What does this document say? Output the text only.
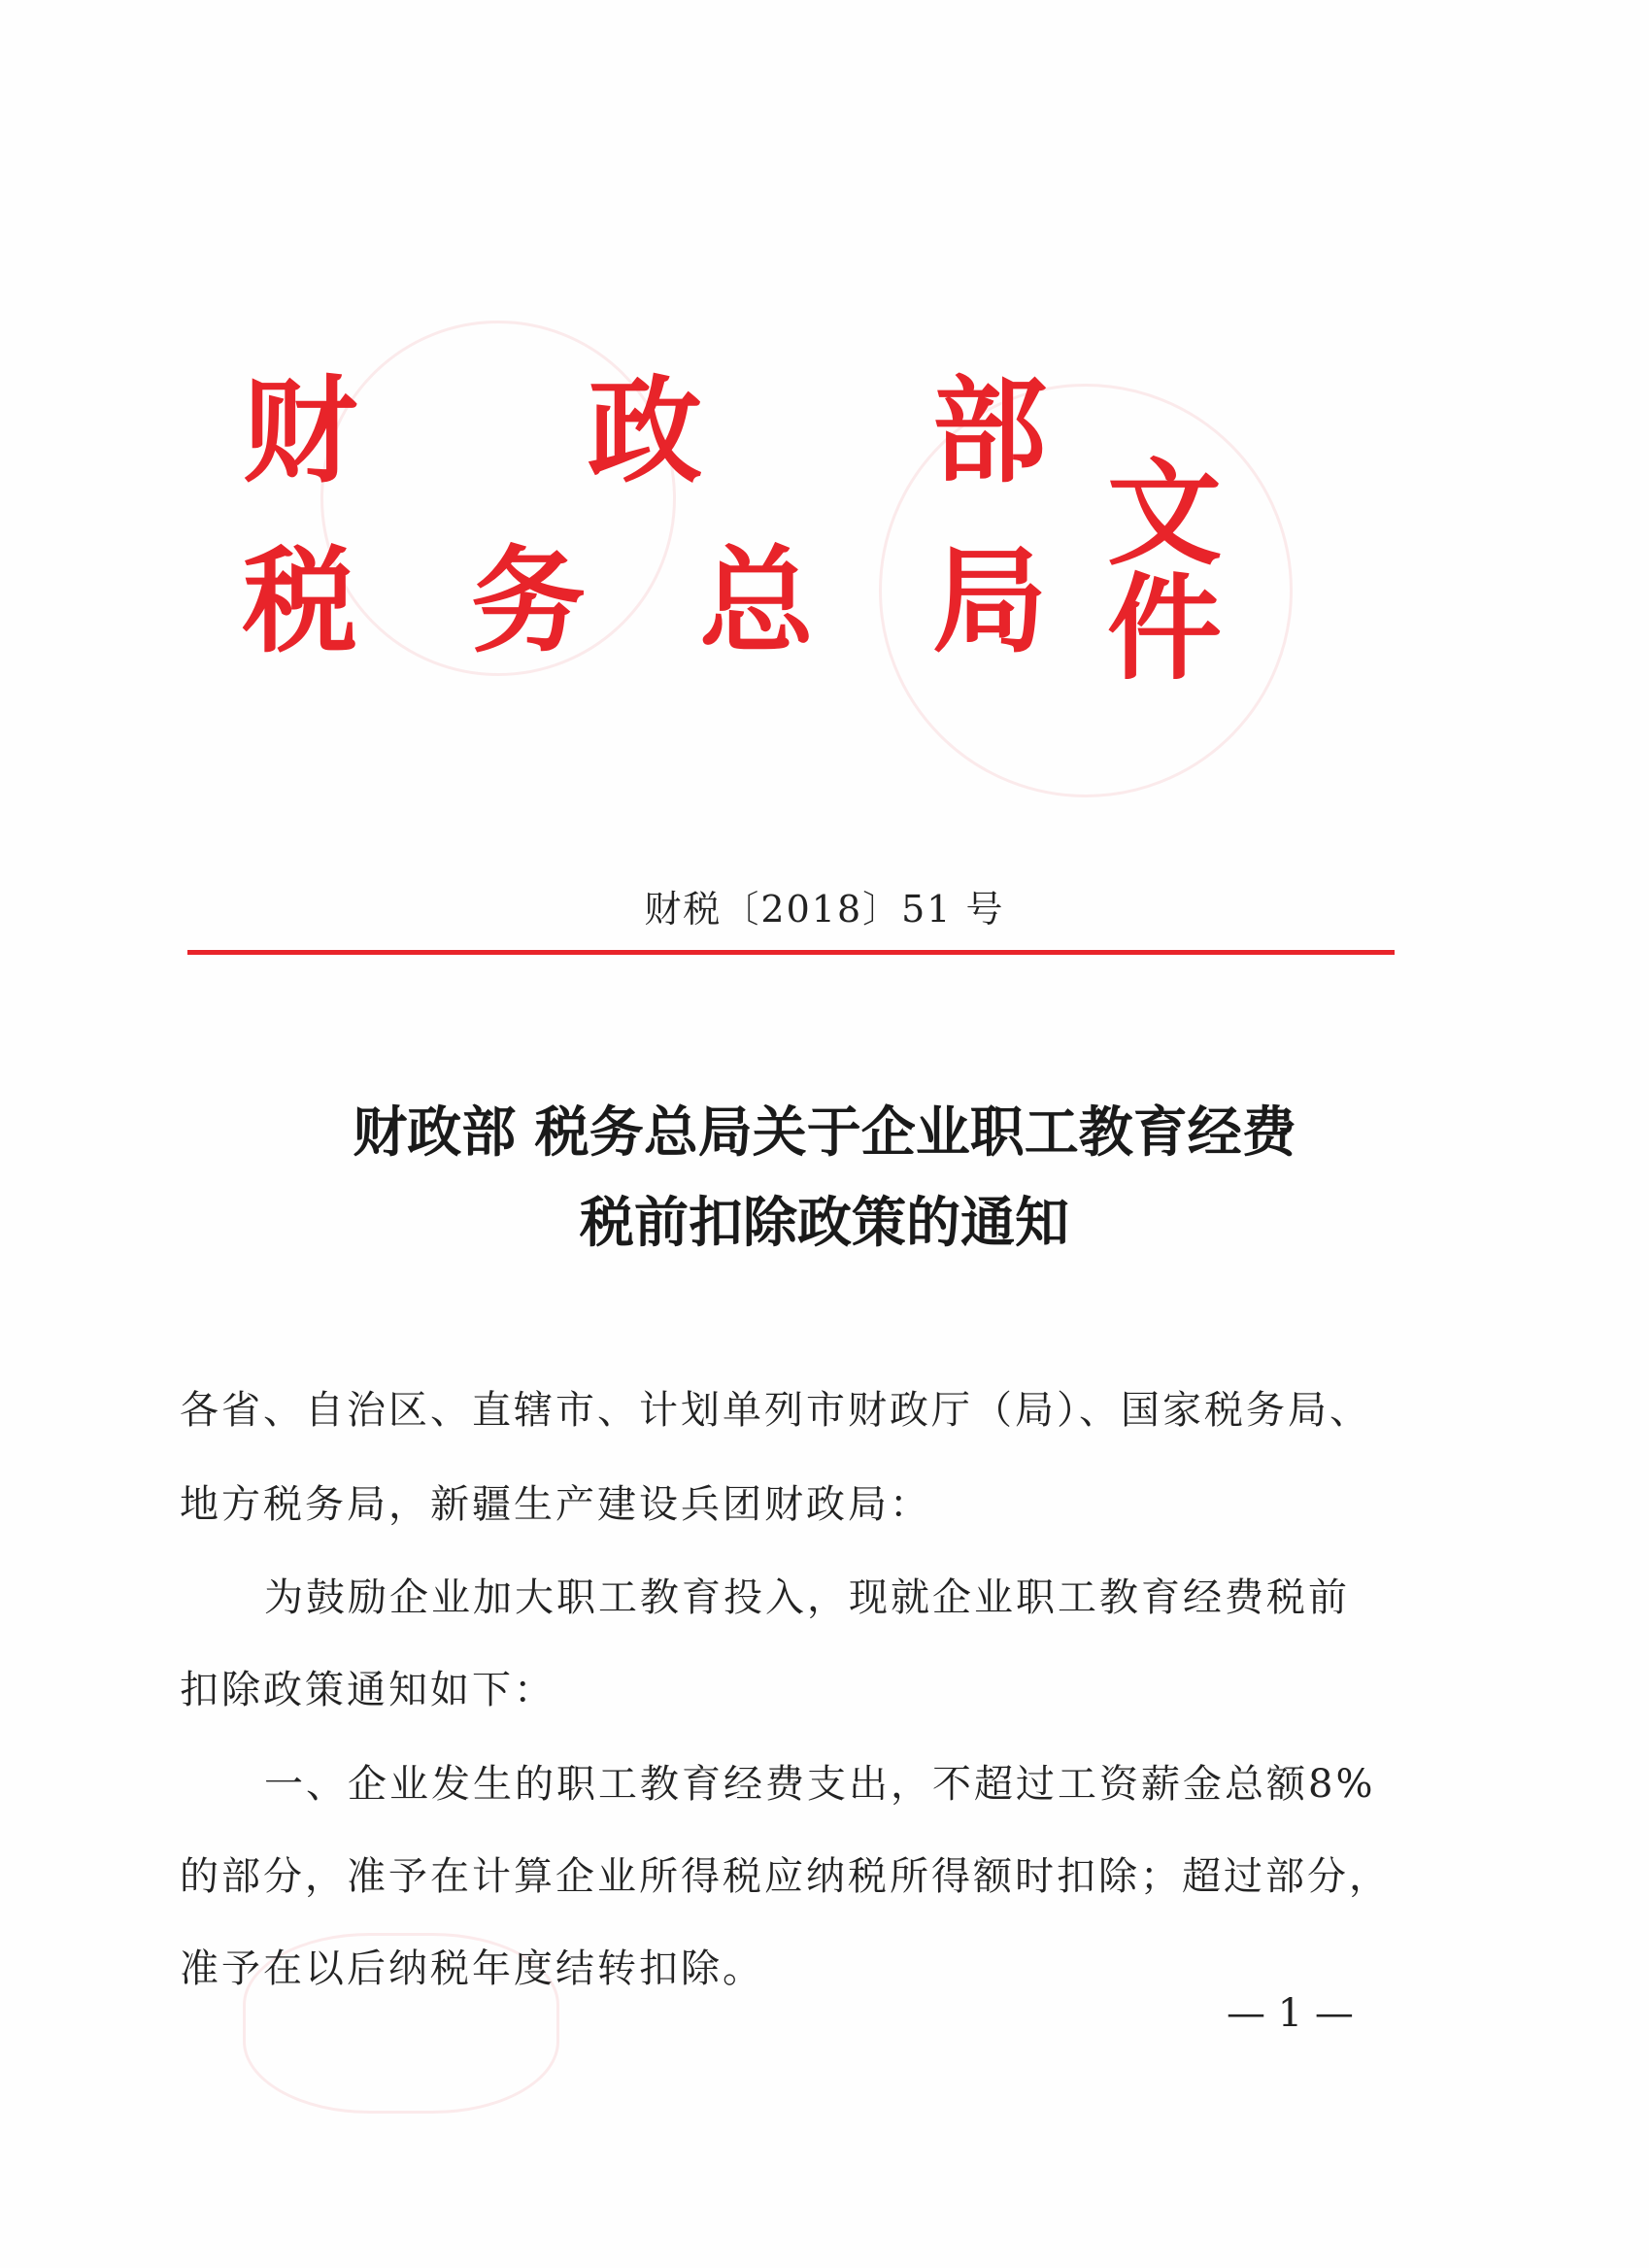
财 政 部
税 务 总 局
文件
财税〔2018〕51 号
财政部 税务总局关于企业职工教育经费
税前扣除政策的通知
各省、自治区、直辖市、计划单列市财政厅（局）、国家税务局、
地方税务局，新疆生产建设兵团财政局：
为鼓励企业加大职工教育投入，现就企业职工教育经费税前
扣除政策通知如下：
一、企业发生的职工教育经费支出，不超过工资薪金总额8%
的部分，准予在计算企业所得税应纳税所得额时扣除；超过部分，
准予在以后纳税年度结转扣除。
— 1 —
